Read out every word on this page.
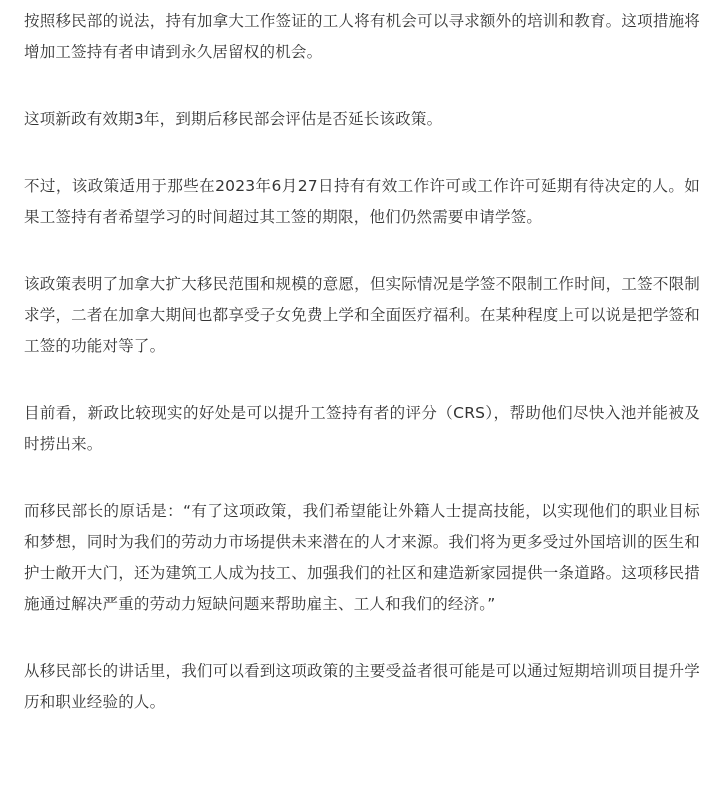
按照移民部的说法，持有加拿大工作签证的工人将有机会可以寻求额外的培训和教育。这项措施将增加工签持有者申请到永久居留权的机会。

这项新政有效期3年，到期后移民部会评估是否延长该政策。

不过，该政策适用于那些在2023年6月27日持有有效工作许可或工作许可延期有待决定的人。如果工签持有者希望学习的时间超过其工签的期限，他们仍然需要申请学签。

该政策表明了加拿大扩大移民范围和规模的意愿，但实际情况是学签不限制工作时间，工签不限制求学，二者在加拿大期间也都享受子女免费上学和全面医疗福利。在某种程度上可以说是把学签和工签的功能对等了。

目前看，新政比较现实的好处是可以提升工签持有者的评分（CRS），帮助他们尽快入池并能被及时捞出来。

而移民部长的原话是：“有了这项政策，我们希望能让外籍人士提高技能，以实现他们的职业目标和梦想，同时为我们的劳动力市场提供未来潜在的人才来源。我们将为更多受过外国培训的医生和护士敞开大门，还为建筑工人成为技工、加强我们的社区和建造新家园提供一条道路。这项移民措施通过解决严重的劳动力短缺问题来帮助雇主、工人和我们的经济。”

从移民部长的讲话里，我们可以看到这项政策的主要受益者很可能是可以通过短期培训项目提升学历和职业经验的人。
